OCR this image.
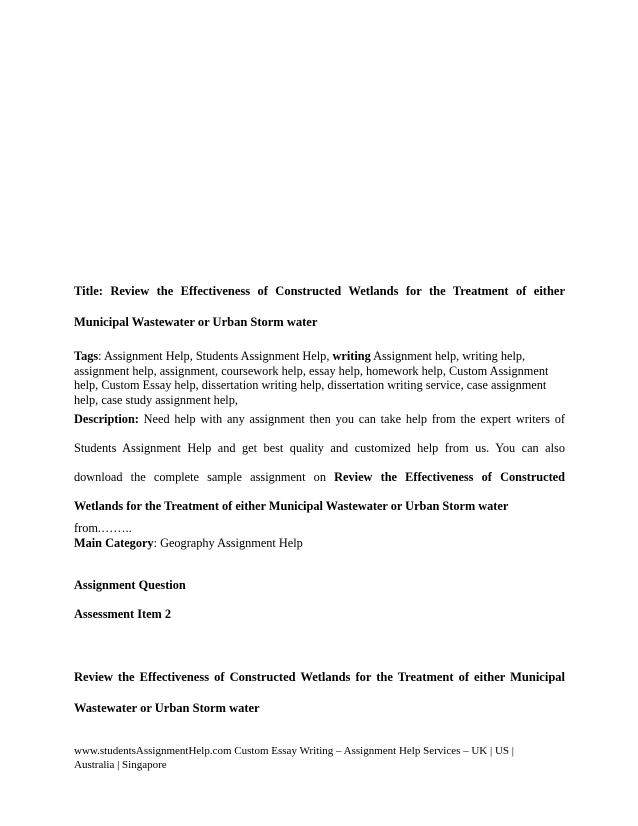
Title: Review the Effectiveness of Constructed Wetlands for the Treatment of either
Municipal Wastewater or Urban Storm water
Tags: Assignment Help, Students Assignment Help, writing Assignment help, writing help,
assignment help, assignment, coursework help, essay help, homework help, Custom Assignment
help, Custom Essay help, dissertation writing help, dissertation writing service, case assignment
help, case study assignment help,
Description: Need help with any assignment then you can take help from the expert writers of
Students Assignment Help and get best quality and customized help from us. You can also
download the complete sample assignment on Review the Effectiveness of Constructed
Wetlands for the Treatment of either Municipal Wastewater or Urban Storm water
from.……..
Main Category: Geography Assignment Help
Assignment Question
Assessment Item 2
Review the Effectiveness of Constructed Wetlands for the Treatment of either Municipal
Wastewater or Urban Storm water
www.studentsAssignmentHelp.com Custom Essay Writing – Assignment Help Services – UK | US |
Australia | Singapore
